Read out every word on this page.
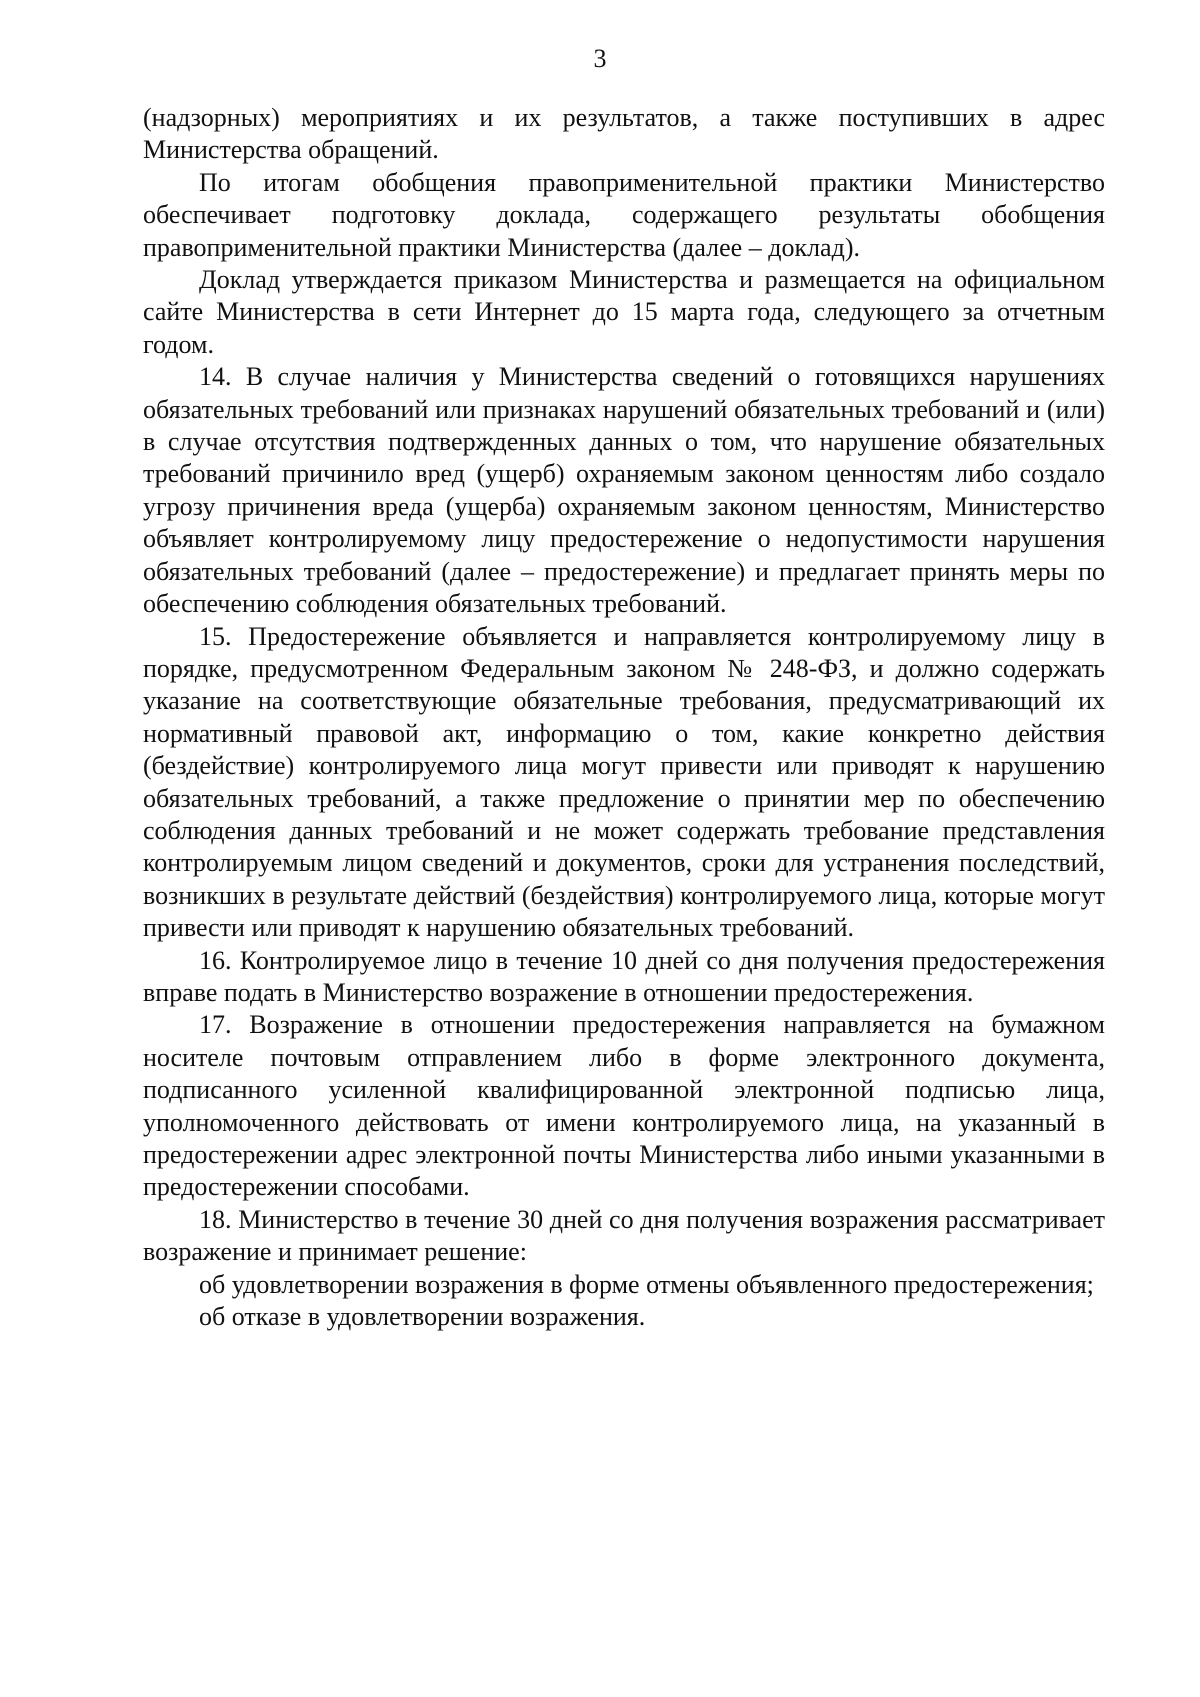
3

(надзорных) мероприятиях и их результатов, а также поступивших в адрес Министерства обращений.

По итогам обобщения правоприменительной практики Министерство обеспечивает подготовку доклада, содержащего результаты обобщения правоприменительной практики Министерства (далее – доклад).

Доклад утверждается приказом Министерства и размещается на официальном сайте Министерства в сети Интернет до 15 марта года, следующего за отчетным годом.

14. В случае наличия у Министерства сведений о готовящихся нарушениях обязательных требований или признаках нарушений обязательных требований и (или) в случае отсутствия подтвержденных данных о том, что нарушение обязательных требований причинило вред (ущерб) охраняемым законом ценностям либо создало угрозу причинения вреда (ущерба) охраняемым законом ценностям, Министерство объявляет контролируемому лицу предостережение о недопустимости нарушения обязательных требований (далее – предостережение) и предлагает принять меры по обеспечению соблюдения обязательных требований.

15. Предостережение объявляется и направляется контролируемому лицу в порядке, предусмотренном Федеральным законом № 248-ФЗ, и должно содержать указание на соответствующие обязательные требования, предусматривающий их нормативный правовой акт, информацию о том, какие конкретно действия (бездействие) контролируемого лица могут привести или приводят к нарушению обязательных требований, а также предложение о принятии мер по обеспечению соблюдения данных требований и не может содержать требование представления контролируемым лицом сведений и документов, сроки для устранения последствий, возникших в результате действий (бездействия) контролируемого лица, которые могут привести или приводят к нарушению обязательных требований.

16. Контролируемое лицо в течение 10 дней со дня получения предостережения вправе подать в Министерство возражение в отношении предостережения.

17. Возражение в отношении предостережения направляется на бумажном носителе почтовым отправлением либо в форме электронного документа, подписанного усиленной квалифицированной электронной подписью лица, уполномоченного действовать от имени контролируемого лица, на указанный в предостережении адрес электронной почты Министерства либо иными указанными в предостережении способами.

18. Министерство в течение 30 дней со дня получения возражения рассматривает возражение и принимает решение:

об удовлетворении возражения в форме отмены объявленного предостережения;

об отказе в удовлетворении возражения.
